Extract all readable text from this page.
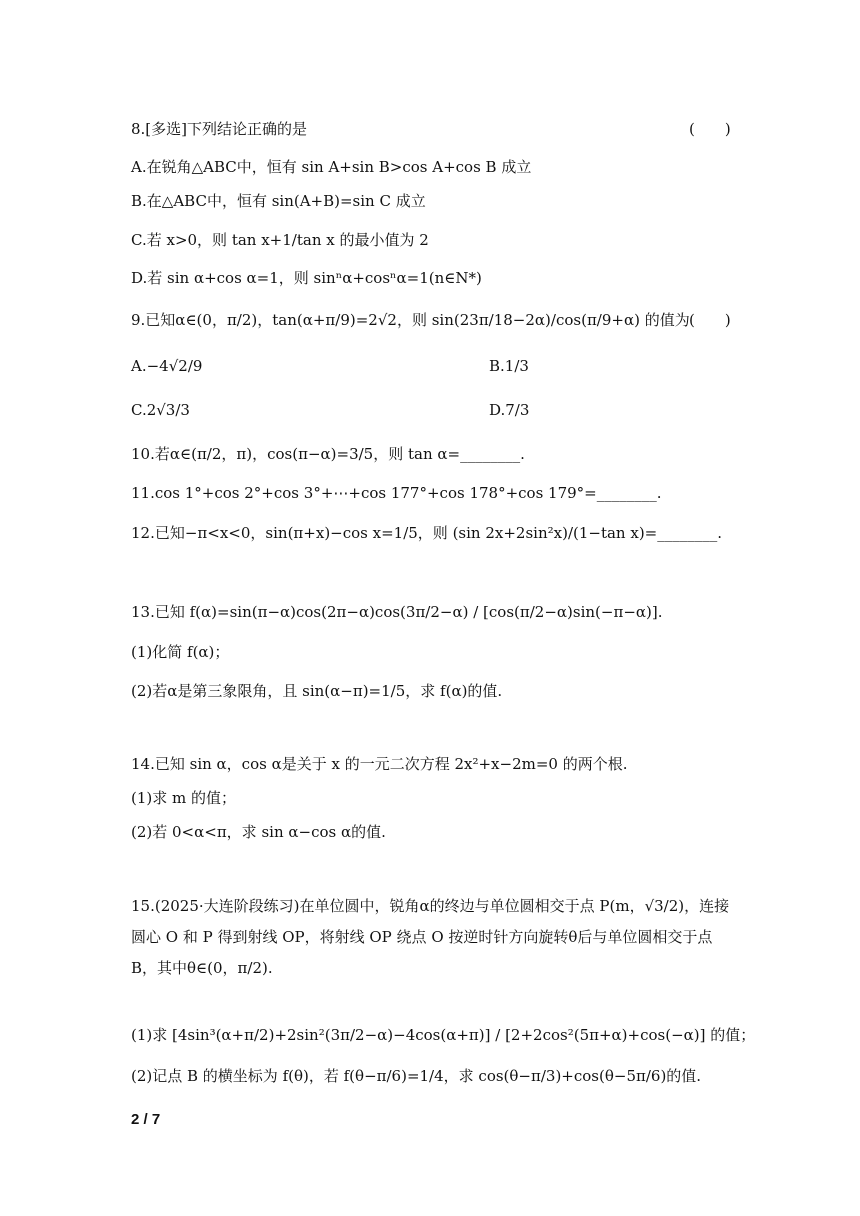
8.[多选]下列结论正确的是	(　　)
A.在锐角△ABC中，恒有 sin A+sin B>cos A+cos B 成立
B.在△ABC中，恒有 sin(A+B)=sin C 成立
C.若 x>0，则 tan x+1/tan x 的最小值为 2
D.若 sin α+cos α=1，则 sinⁿα+cosⁿα=1(n∈N*)
9.已知α∈(0，π/2)，tan(α+π/9)=2√2，则 sin(23π/18−2α)/cos(π/9+α) 的值为 (　　)
A.−4√2/9	B.1/3
C.2√3/3	D.7/3
10.若α∈(π/2，π)，cos(π−α)=3/5，则 tan α=________.
11.cos 1°+cos 2°+cos 3°+⋯+cos 177°+cos 178°+cos 179°=________.
12.已知−π<x<0，sin(π+x)−cos x=1/5，则 (sin 2x+2sin²x)/(1−tan x)=________.
13.已知 f(α)=sin(π−α)cos(2π−α)cos(3π/2−α) / [cos(π/2−α)sin(−π−α)].
(1)化简 f(α)；
(2)若α是第三象限角，且 sin(α−π)=1/5，求 f(α)的值.
14.已知 sin α，cos α是关于 x 的一元二次方程 2x²+x−2m=0 的两个根.
(1)求 m 的值；
(2)若 0<α<π，求 sin α−cos α的值.
15.(2025·大连阶段练习)在单位圆中，锐角α的终边与单位圆相交于点 P(m，√3/2)，连接圆心 O 和 P 得到射线 OP，将射线 OP 绕点 O 按逆时针方向旋转θ后与单位圆相交于点 B，其中θ∈(0，π/2).
(1)求 [4sin³(α+π/2)+2sin²(3π/2−α)−4cos(α+π)] / [2+2cos²(5π+α)+cos(−α)] 的值；
(2)记点 B 的横坐标为 f(θ)，若 f(θ−π/6)=1/4，求 cos(θ−π/3)+cos(θ−5π/6)的值.
2 / 7
